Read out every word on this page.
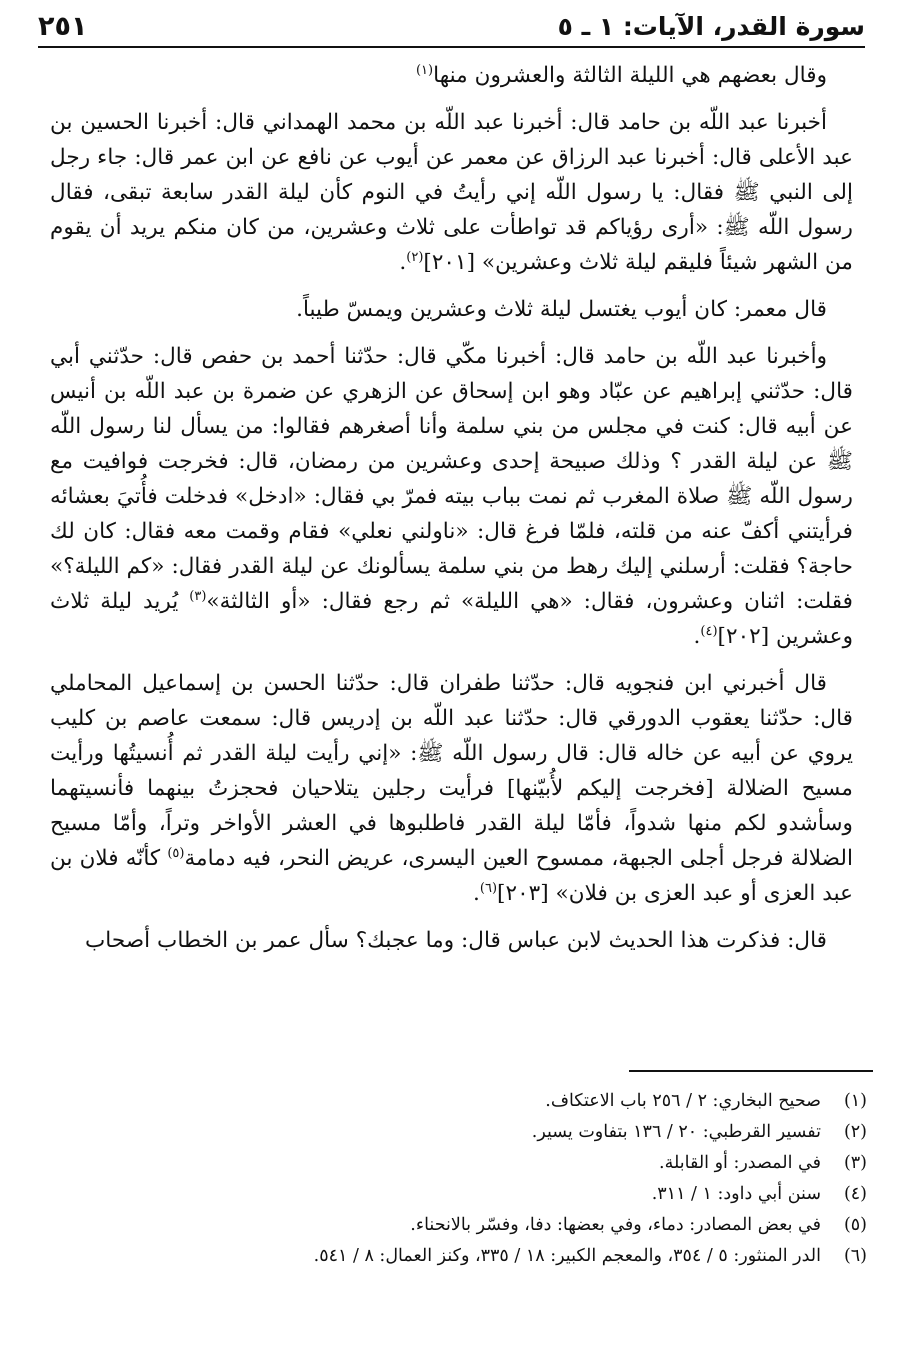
سورة القدر، الآيات: ١ ـ ٥
٢٥١

وقال بعضهم هي الليلة الثالثة والعشرون منها$^{(١)}$

أخبرنا عبد اللّه بن حامد قال: أخبرنا عبد اللّه بن محمد الهمداني قال: أخبرنا الحسين بن عبد الأعلى قال: أخبرنا عبد الرزاق عن معمر عن أيوب عن نافع عن ابن عمر قال: جاء رجل إلى النبي ﷺ فقال: يا رسول اللّه إني رأيتُ في النوم كأن ليلة القدر سابعة تبقى، فقال رسول اللّه ﷺ: «أرى رؤياكم قد تواطأت على ثلاث وعشرين، من كان منكم يريد أن يقوم من الشهر شيئاً فليقم ليلة ثلاث وعشرين» [٢٠١]$^{(٢)}$.

قال معمر: كان أيوب يغتسل ليلة ثلاث وعشرين ويمسّ طيباً.

وأخبرنا عبد اللّه بن حامد قال: أخبرنا مكّي قال: حدّثنا أحمد بن حفص قال: حدّثني أبي قال: حدّثني إبراهيم عن عبّاد وهو ابن إسحاق عن الزهري عن ضمرة بن عبد اللّه بن أنيس عن أبيه قال: كنت في مجلس من بني سلمة وأنا أصغرهم فقالوا: من يسأل لنا رسول اللّه ﷺ عن ليلة القدر ؟ وذلك صبيحة إحدى وعشرين من رمضان، قال: فخرجت فوافيت مع رسول اللّه ﷺ صلاة المغرب ثم نمت بباب بيته فمرّ بي فقال: «ادخل» فدخلت فأُتيَ بعشائه فرأيتني أكفّ عنه من قلته، فلمّا فرغ قال: «ناولني نعلي» فقام وقمت معه فقال: كان لك حاجة؟ فقلت: أرسلني إليك رهط من بني سلمة يسألونك عن ليلة القدر فقال: «كم الليلة؟» فقلت: اثنان وعشرون، فقال: «هي الليلة» ثم رجع فقال: «أو الثالثة»$^{(٣)}$ يُريد ليلة ثلاث وعشرين [٢٠٢]$^{(٤)}$.

قال أخبرني ابن فنجويه قال: حدّثنا طفران قال: حدّثنا الحسن بن إسماعيل المحاملي قال: حدّثنا يعقوب الدورقي قال: حدّثنا عبد اللّه بن إدريس قال: سمعت عاصم بن كليب يروي عن أبيه عن خاله قال: قال رسول اللّه ﷺ: «إني رأيت ليلة القدر ثم أُنسيتُها ورأيت مسيح الضلالة [فخرجت إليكم لأُبيّنها] فرأيت رجلين يتلاحيان فحجزتُ بينهما فأنسيتهما وسأشدو لكم منها شدواً، فأمّا ليلة القدر فاطلبوها في العشر الأواخر وتراً، وأمّا مسيح الضلالة فرجل أجلى الجبهة، ممسوح العين اليسرى، عريض النحر، فيه دمامة$^{(٥)}$ كأنّه فلان بن عبد العزى أو عبد العزى بن فلان» [٢٠٣]$^{(٦)}$.

قال: فذكرت هذا الحديث لابن عباس قال: وما عجبك؟ سأل عمر بن الخطاب أصحاب

(١)
صحيح البخاري: ٢ / ٢٥٦ باب الاعتكاف.
(٢)
تفسير القرطبي: ٢٠ / ١٣٦ بتفاوت يسير.
(٣)
في المصدر: أو القابلة.
(٤)
سنن أبي داود: ١ / ٣١١.
(٥)
في بعض المصادر: دماء، وفي بعضها: دفا، وفسّر بالانحناء.
(٦)
الدر المنثور: ٥ / ٣٥٤، والمعجم الكبير: ١٨ / ٣٣٥، وكنز العمال: ٨ / ٥٤١.
